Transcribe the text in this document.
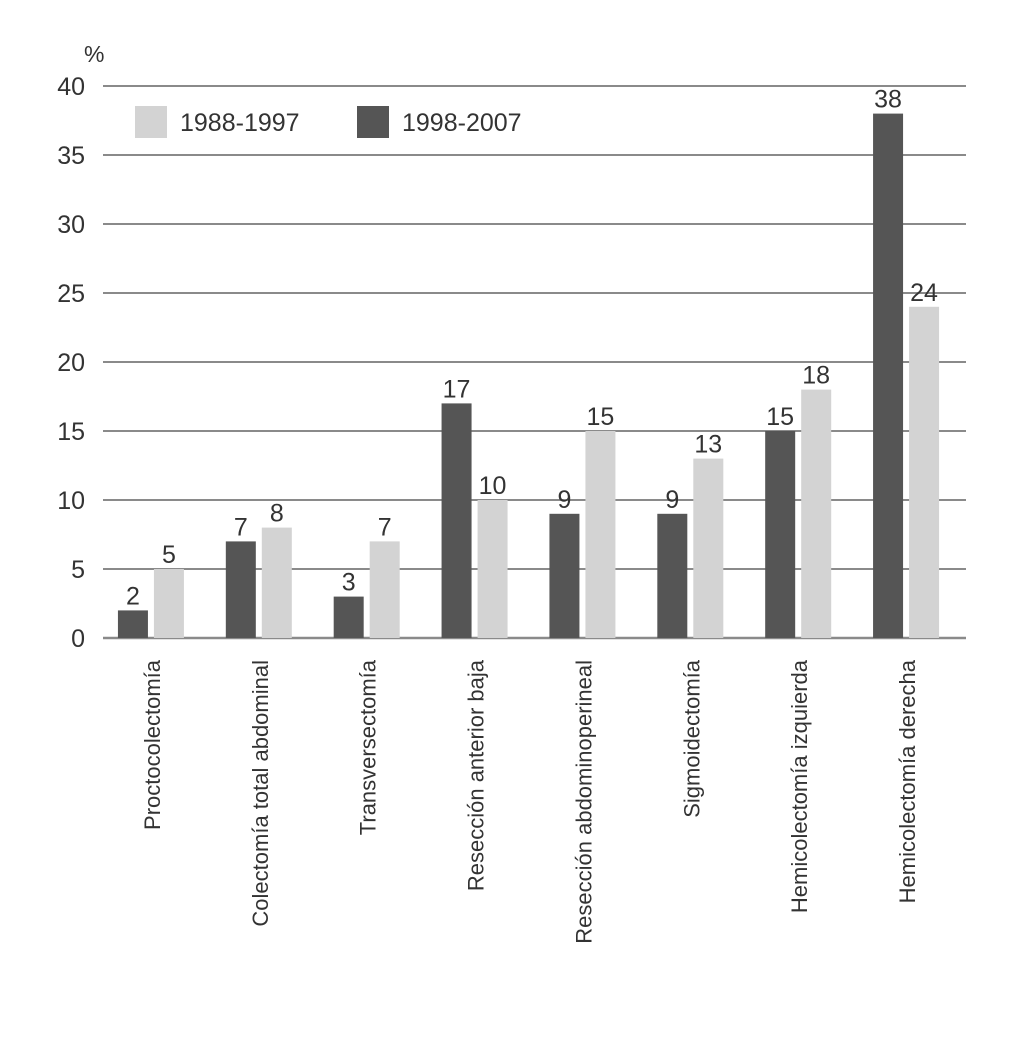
2
5
7 8
3
7
17
10 9
15
9
13
15
18
38
24
0
5
10
15
20
25
30
35
40
Proctocolectomía	Colectomía total abdominal	Transversectomía	Resección anterior baja	Resección abdominoperineal	Sigmoidectomía	Hemicolectomía izquierda	Hemicolectomía derecha
%
1988-1997	1998-2007
